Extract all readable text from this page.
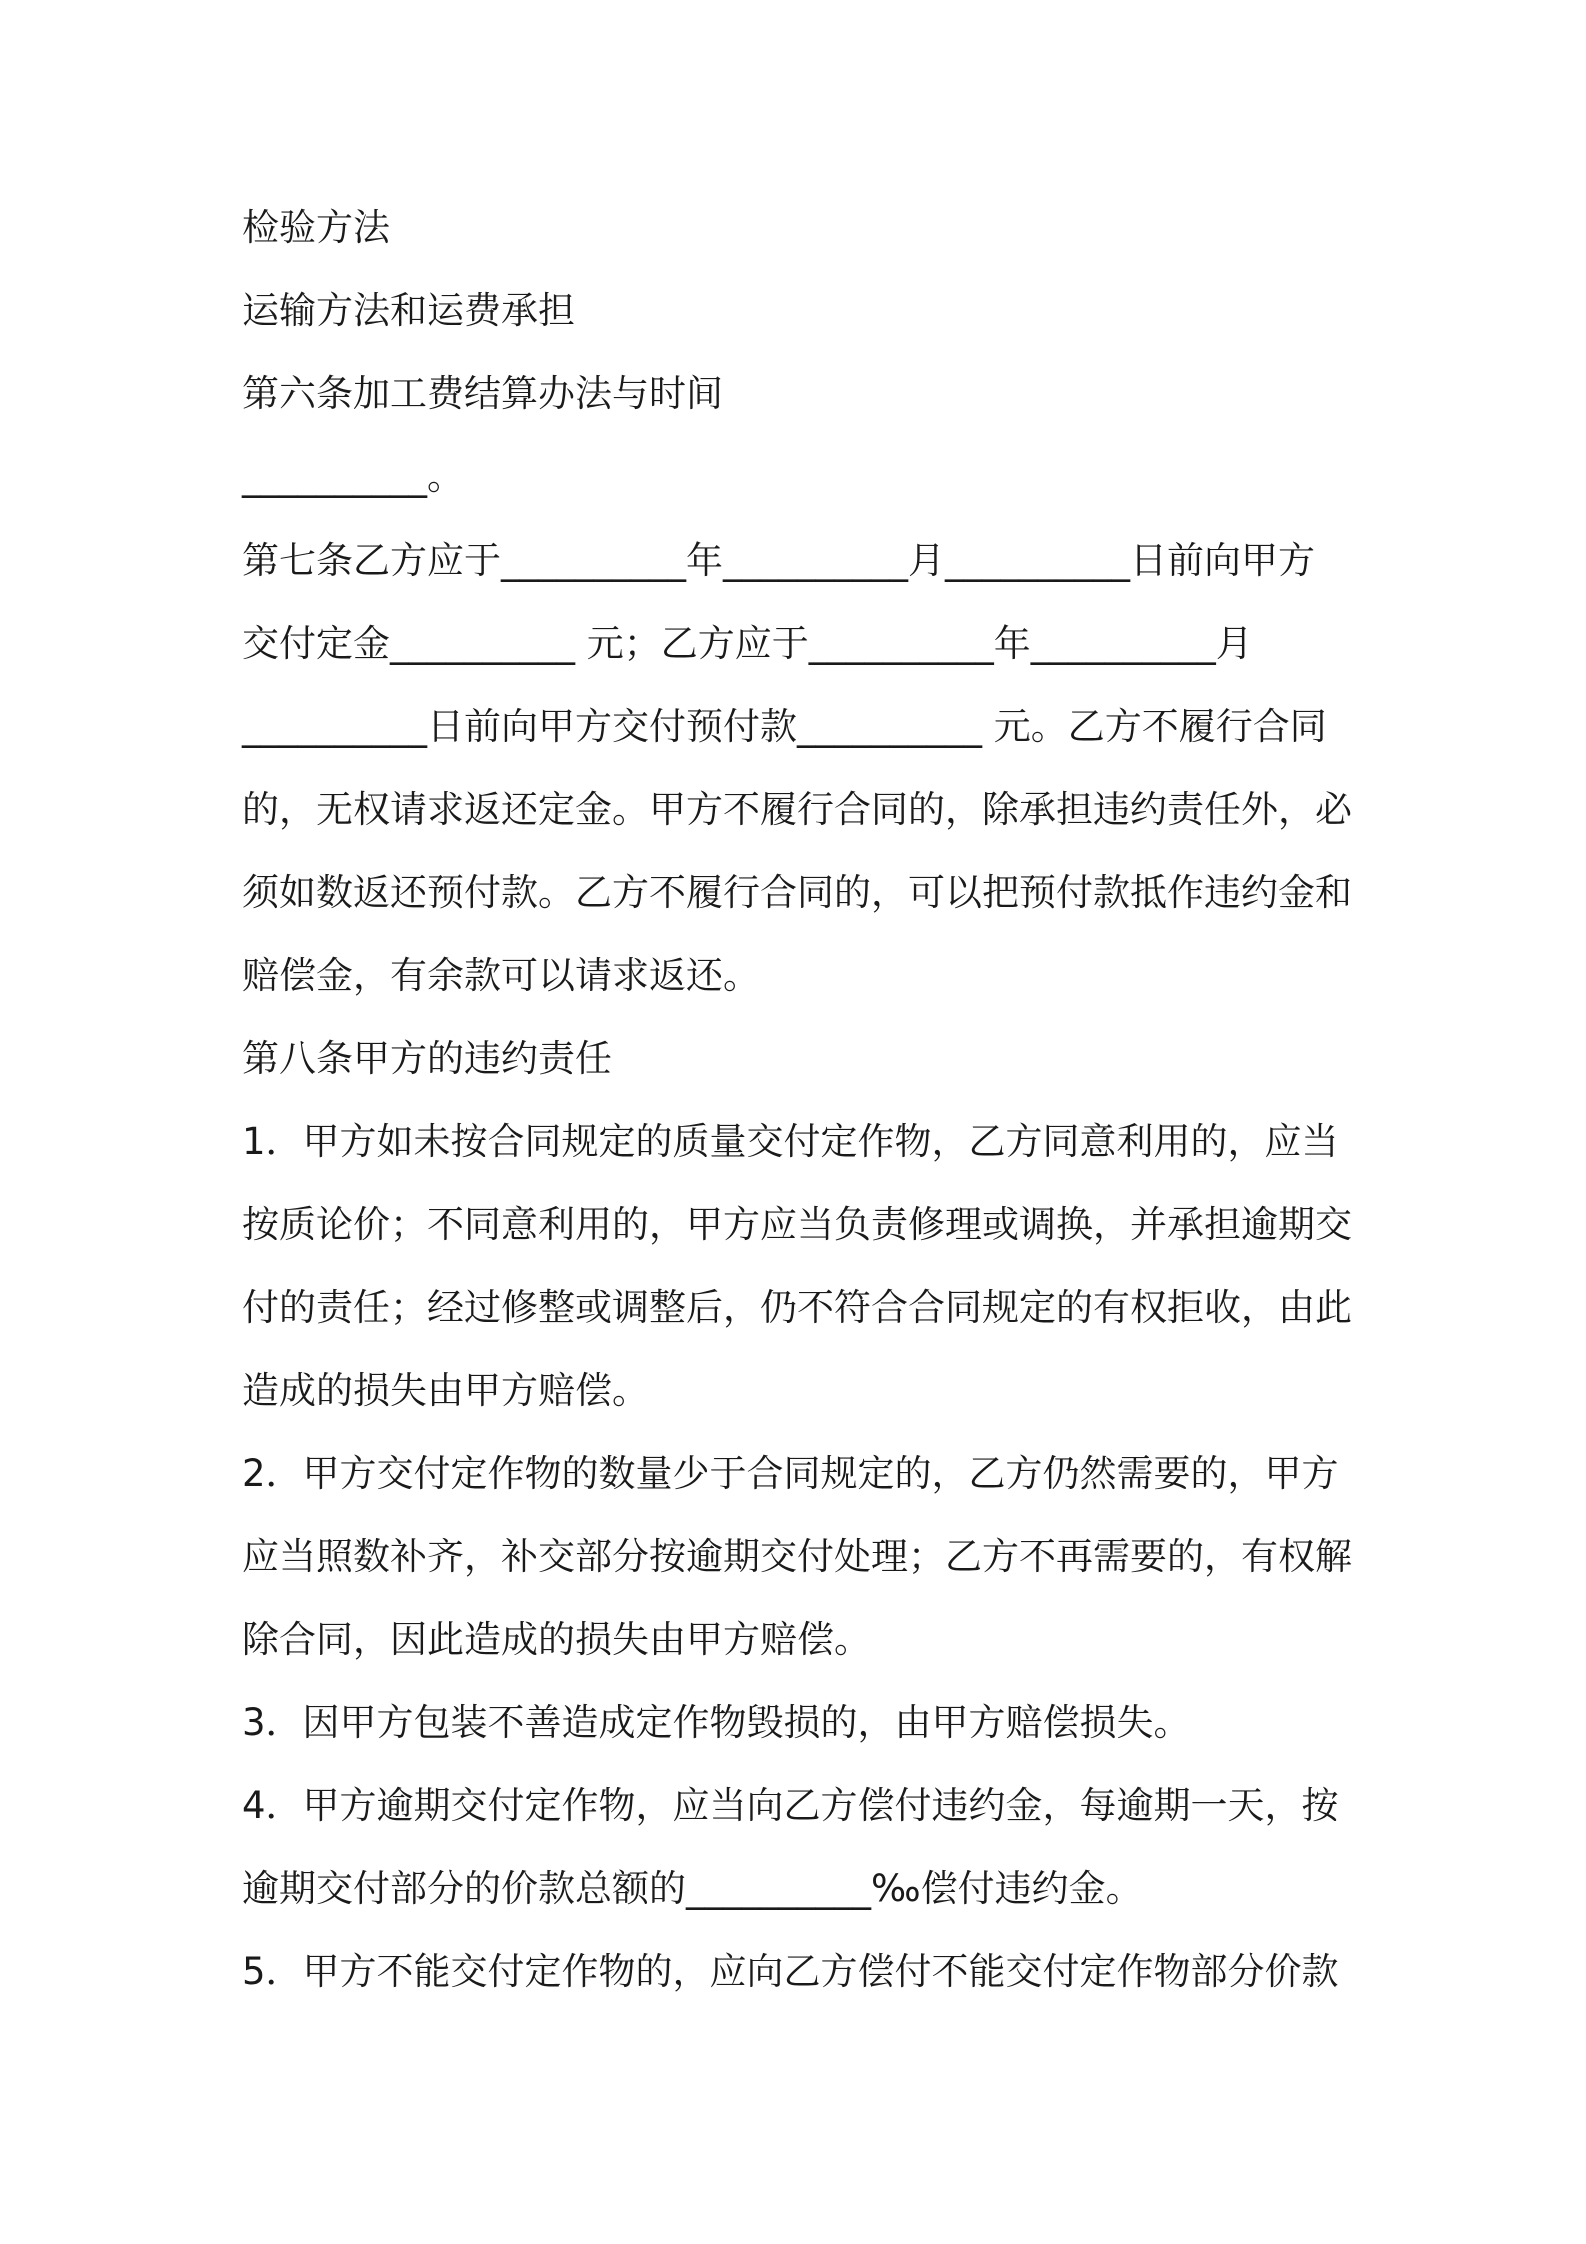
检验方法
运输方法和运费承担
第六条加工费结算办法与时间
__________。
第七条乙方应于__________年__________月__________日前向甲方
交付定金__________ 元；乙方应于__________年__________月
__________日前向甲方交付预付款__________ 元。乙方不履行合同
的，无权请求返还定金。甲方不履行合同的，除承担违约责任外，必
须如数返还预付款。乙方不履行合同的，可以把预付款抵作违约金和
赔偿金，有余款可以请求返还。
第八条甲方的违约责任
1．甲方如未按合同规定的质量交付定作物，乙方同意利用的，应当
按质论价；不同意利用的，甲方应当负责修理或调换，并承担逾期交
付的责任；经过修整或调整后，仍不符合合同规定的有权拒收，由此
造成的损失由甲方赔偿。
2．甲方交付定作物的数量少于合同规定的，乙方仍然需要的，甲方
应当照数补齐，补交部分按逾期交付处理；乙方不再需要的，有权解
除合同，因此造成的损失由甲方赔偿。
3．因甲方包装不善造成定作物毁损的，由甲方赔偿损失。
4．甲方逾期交付定作物，应当向乙方偿付违约金，每逾期一天，按
逾期交付部分的价款总额的__________‰偿付违约金。
5．甲方不能交付定作物的，应向乙方偿付不能交付定作物部分价款
